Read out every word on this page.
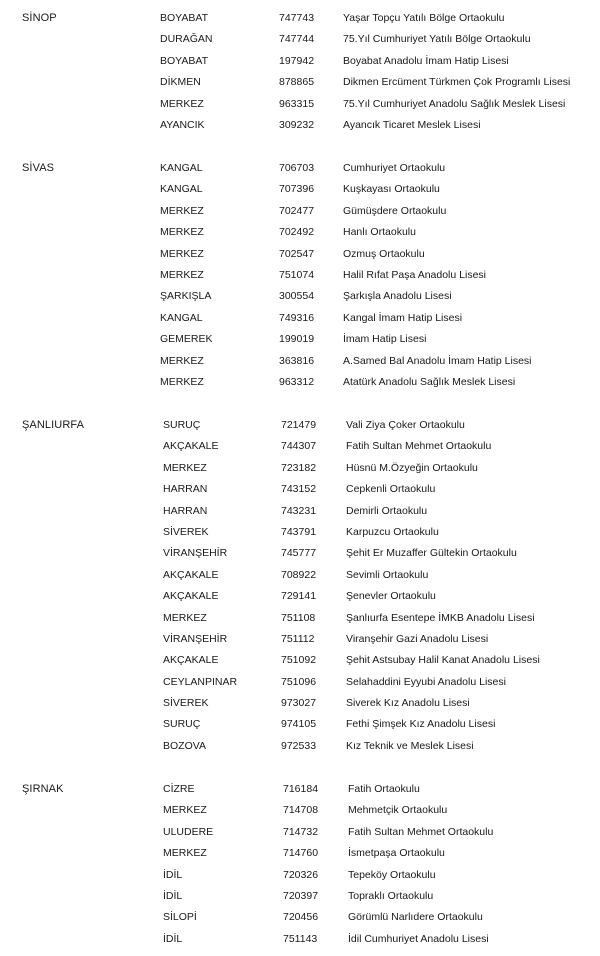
SİNOP	BOYABAT	747743	Yaşar Topçu Yatılı Bölge Ortaokulu
DURAĞAN	747744	75.Yıl Cumhuriyet Yatılı Bölge Ortaokulu
BOYABAT	197942	Boyabat Anadolu İmam Hatip Lisesi
DİKMEN	878865	Dikmen Ercüment Türkmen Çok Programlı Lisesi
MERKEZ	963315	75.Yıl Cumhuriyet Anadolu Sağlık Meslek Lisesi
AYANCIK	309232	Ayancık Ticaret Meslek Lisesi
SİVAS	KANGAL	706703	Cumhuriyet Ortaokulu
KANGAL	707396	Kuşkayası Ortaokulu
MERKEZ	702477	Gümüşdere Ortaokulu
MERKEZ	702492	Hanlı Ortaokulu
MERKEZ	702547	Ozmuş Ortaokulu
MERKEZ	751074	Halil Rıfat Paşa Anadolu Lisesi
ŞARKIŞLA	300554	Şarkışla Anadolu Lisesi
KANGAL	749316	Kangal İmam Hatip Lisesi
GEMEREK	199019	İmam Hatip Lisesi
MERKEZ	363816	A.Samed Bal Anadolu İmam Hatip Lisesi
MERKEZ	963312	Atatürk Anadolu Sağlık Meslek Lisesi
ŞANLIURFA	SURUÇ	721479	Vali Ziya Çoker Ortaokulu
AKÇAKALE	744307	Fatih Sultan Mehmet Ortaokulu
MERKEZ	723182	Hüsnü M.Özyeğin Ortaokulu
HARRAN	743152	Cepkenli Ortaokulu
HARRAN	743231	Demirli Ortaokulu
SİVEREK	743791	Karpuzcu Ortaokulu
VİRANŞEHİR	745777	Şehit Er Muzaffer Gültekin Ortaokulu
AKÇAKALE	708922	Sevimli Ortaokulu
AKÇAKALE	729141	Şenevler Ortaokulu
MERKEZ	751108	Şanlıurfa Esentepe İMKB Anadolu Lisesi
VİRANŞEHİR	751112	Viranşehir Gazi Anadolu Lisesi
AKÇAKALE	751092	Şehit Astsubay Halil Kanat Anadolu Lisesi
CEYLANPINAR	751096	Selahaddini Eyyubi Anadolu Lisesi
SİVEREK	973027	Siverek Kız Anadolu Lisesi
SURUÇ	974105	Fethi Şimşek Kız Anadolu Lisesi
BOZOVA	972533	Kız Teknik ve Meslek Lisesi
ŞIRNAK	CİZRE	716184	Fatih Ortaokulu
MERKEZ	714708	Mehmetçik Ortaokulu
ULUDERE	714732	Fatih Sultan Mehmet Ortaokulu
MERKEZ	714760	İsmetpaşa Ortaokulu
İDİL	720326	Tepeköy Ortaokulu
İDİL	720397	Topraklı Ortaokulu
SİLOPİ	720456	Görümlü Narlıdere Ortaokulu
İDİL	751143	İdil Cumhuriyet Anadolu Lisesi
